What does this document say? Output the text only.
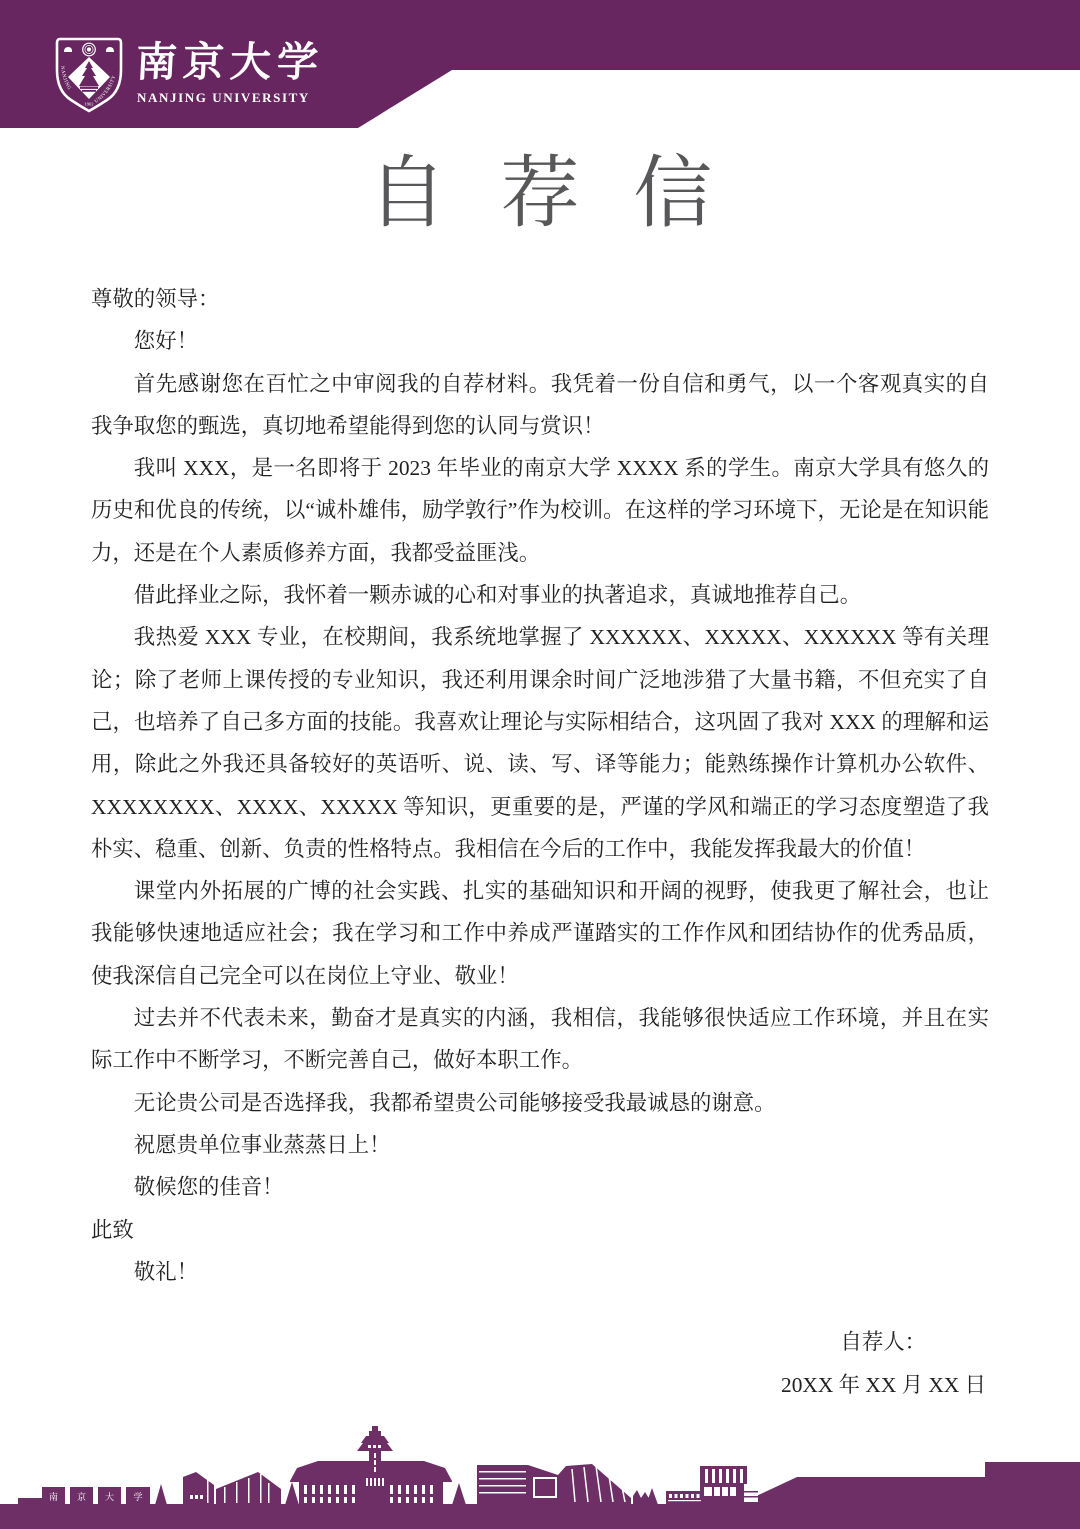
1902
NANJING
UNIVERSITY 南京大学
NANJING UNIVERSITY
自 荐 信

尊敬的领导：

您好！

首先感谢您在百忙之中审阅我的自荐材料。我凭着一份自信和勇气，以一个客观真实的自我争取您的甄选，真切地希望能得到您的认同与赏识！

我叫 XXX，是一名即将于 2023 年毕业的南京大学 XXXX 系的学生。南京大学具有悠久的历史和优良的传统，以“诚朴雄伟，励学敦行”作为校训。在这样的学习环境下，无论是在知识能力，还是在个人素质修养方面，我都受益匪浅。

借此择业之际，我怀着一颗赤诚的心和对事业的执著追求，真诚地推荐自己。

我热爱 XXX 专业，在校期间，我系统地掌握了 XXXXXX、XXXXX、XXXXXX 等有关理论；除了老师上课传授的专业知识，我还利用课余时间广泛地涉猎了大量书籍，不但充实了自己，也培养了自己多方面的技能。我喜欢让理论与实际相结合，这巩固了我对 XXX 的理解和运用，除此之外我还具备较好的英语听、说、读、写、译等能力；能熟练操作计算机办公软件、XXXXXXXX、XXXX、XXXXX 等知识，更重要的是，严谨的学风和端正的学习态度塑造了我朴实、稳重、创新、负责的性格特点。我相信在今后的工作中，我能发挥我最大的价值！

课堂内外拓展的广博的社会实践、扎实的基础知识和开阔的视野，使我更了解社会，也让我能够快速地适应社会；我在学习和工作中养成严谨踏实的工作作风和团结协作的优秀品质，使我深信自己完全可以在岗位上守业、敬业！

过去并不代表未来，勤奋才是真实的内涵，我相信，我能够很快适应工作环境，并且在实际工作中不断学习，不断完善自己，做好本职工作。

无论贵公司是否选择我，我都希望贵公司能够接受我最诚恳的谢意。

祝愿贵单位事业蒸蒸日上！

敬候您的佳音！

此致

敬礼！

自荐人：
20XX 年 XX 月 XX 日
南 京 大 学
